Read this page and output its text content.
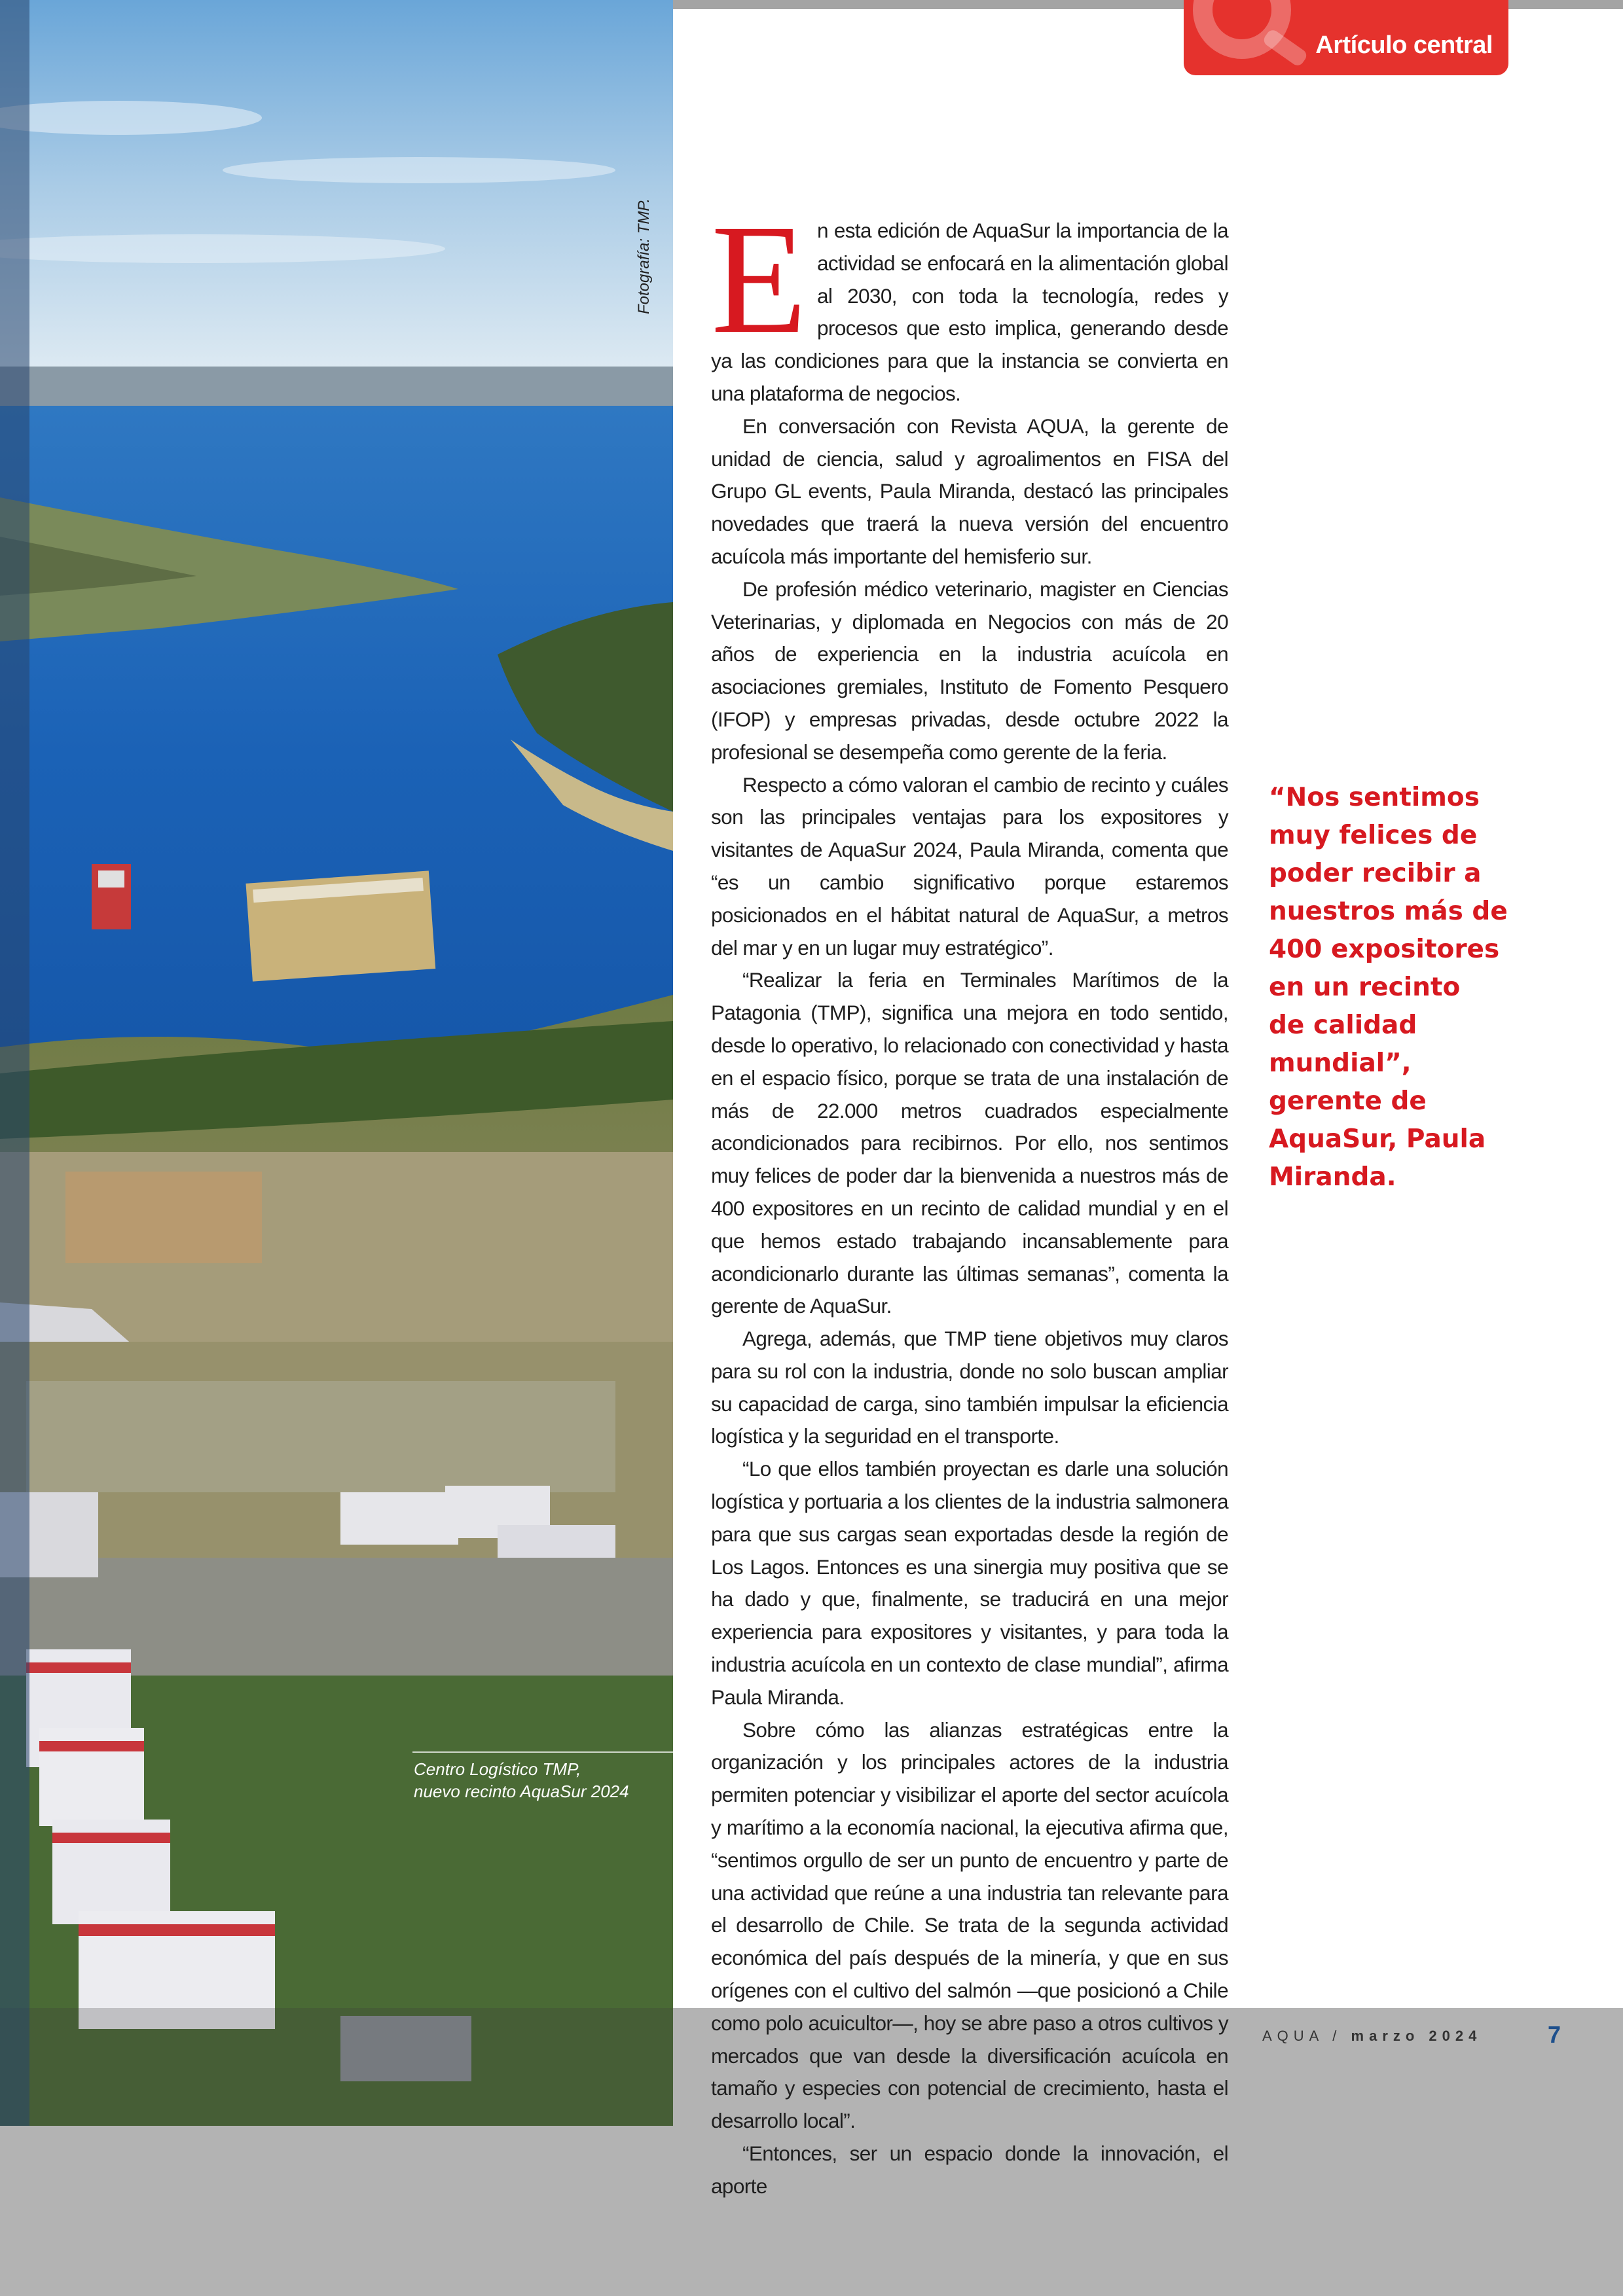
Artículo central

En esta edición de AquaSur la importancia de la actividad se enfocará en la alimentación global al 2030, con toda la tecnología, redes y procesos que esto implica, generando desde ya las condiciones para que la instancia se convierta en una plataforma de negocios.

En conversación con Revista AQUA, la gerente de unidad de ciencia, salud y agroalimentos en FISA del Grupo GL events, Paula Miranda, destacó las principales novedades que traerá la nueva versión del encuentro acuícola más importante del hemisferio sur.

De profesión médico veterinario, magister en Ciencias Veterinarias, y diplomada en Negocios con más de 20 años de experiencia en la industria acuícola en asociaciones gremiales, Instituto de Fomento Pesquero (IFOP) y empresas privadas, desde octubre 2022 la profesional se desempeña como gerente de la feria.

Respecto a cómo valoran el cambio de recinto y cuáles son las principales ventajas para los expositores y visitantes de AquaSur 2024, Paula Miranda, comenta que “es un cambio significativo porque estaremos posicionados en el hábitat natural de AquaSur, a metros del mar y en un lugar muy estratégico”.

“Realizar la feria en Terminales Marítimos de la Patagonia (TMP), significa una mejora en todo sentido, desde lo operativo, lo relacionado con conectividad y hasta en el espacio físico, porque se trata de una instalación de más de 22.000 metros cuadrados especialmente acondicionados para recibirnos. Por ello, nos sentimos muy felices de poder dar la bienvenida a nuestros más de 400 expositores en un recinto de calidad mundial y en el que hemos estado trabajando incansablemente para acondicionarlo durante las últimas semanas”, comenta la gerente de AquaSur.

Agrega, además, que TMP tiene objetivos muy claros para su rol con la industria, donde no solo buscan ampliar su capacidad de carga, sino también impulsar la eficiencia logística y la seguridad en el transporte.

“Lo que ellos también proyectan es darle una solución logística y portuaria a los clientes de la industria salmonera para que sus cargas sean exportadas desde la región de Los Lagos. Entonces es una sinergia muy positiva que se ha dado y que, finalmente, se traducirá en una mejor experiencia para expositores y visitantes, y para toda la industria acuícola en un contexto de clase mundial”, afirma Paula Miranda.

Sobre cómo las alianzas estratégicas entre la organización y los principales actores de la industria permiten potenciar y visibilizar el aporte del sector acuícola y marítimo a la economía nacional, la ejecutiva afirma que, “sentimos orgullo de ser un punto de encuentro y parte de una actividad que reúne a una industria tan relevante para el desarrollo de Chile. Se trata de la segunda actividad económica del país después de la minería, y que en sus orígenes con el cultivo del salmón —que posicionó a Chile como polo acuicultor—, hoy se abre paso a otros cultivos y mercados que van desde la diversificación acuícola en tamaño y especies con potencial de crecimiento, hasta el desarrollo local”.

“Entonces, ser un espacio donde la innovación, el aporte

“Nos sentimos
muy felices de
poder recibir a
nuestros más de
400 expositores
en un recinto
de calidad
mundial”,
gerente de
AquaSur, Paula
Miranda.
AQUA / marzo 2024	7
Fotografía: TMP.
Centro Logístico TMP,
nuevo recinto AquaSur 2024
